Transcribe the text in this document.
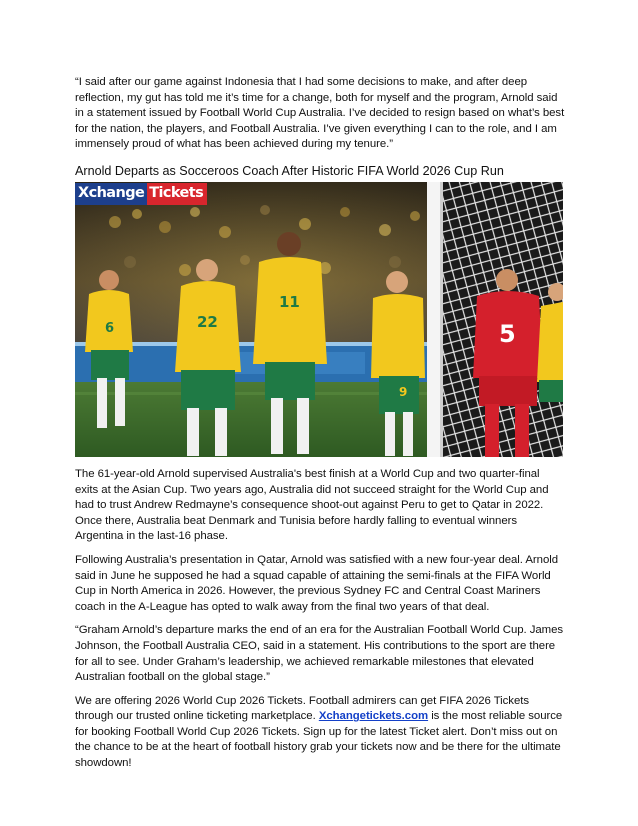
“I said after our game against Indonesia that I had some decisions to make, and after deep reflection, my gut has told me it’s time for a change, both for myself and the program, Arnold said in a statement issued by Football World Cup Australia. I’ve decided to resign based on what’s best for the nation, the players, and Football Australia. I’ve given everything I can to the role, and I am immensely proud of what has been achieved during my tenure.”

Arnold Departs as Socceroos Coach After Historic FIFA World 2026 Cup Run
6	22
11
9
5
Xchange Tickets

The 61-year-old Arnold supervised Australia's best finish at a World Cup and two quarter-final exits at the Asian Cup. Two years ago, Australia did not succeed straight for the World Cup and had to trust Andrew Redmayne’s consequence shoot-out against Peru to get to Qatar in 2022. Once there, Australia beat Denmark and Tunisia before hardly falling to eventual winners Argentina in the last-16 phase.

Following Australia’s presentation in Qatar, Arnold was satisfied with a new four-year deal. Arnold said in June he supposed he had a squad capable of attaining the semi-finals at the FIFA World Cup in North America in 2026. However, the previous Sydney FC and Central Coast Mariners coach in the A-League has opted to walk away from the final two years of that deal.

“Graham Arnold’s departure marks the end of an era for the Australian Football World Cup. James Johnson, the Football Australia CEO, said in a statement. His contributions to the sport are there for all to see. Under Graham’s leadership, we achieved remarkable milestones that elevated Australian football on the global stage.”

We are offering 2026 World Cup 2026 Tickets. Football admirers can get FIFA 2026 Tickets through our trusted online ticketing marketplace. Xchangetickets.com is the most reliable source for booking Football World Cup 2026 Tickets. Sign up for the latest Ticket alert. Don’t miss out on the chance to be at the heart of football history grab your tickets now and be there for the ultimate showdown!
